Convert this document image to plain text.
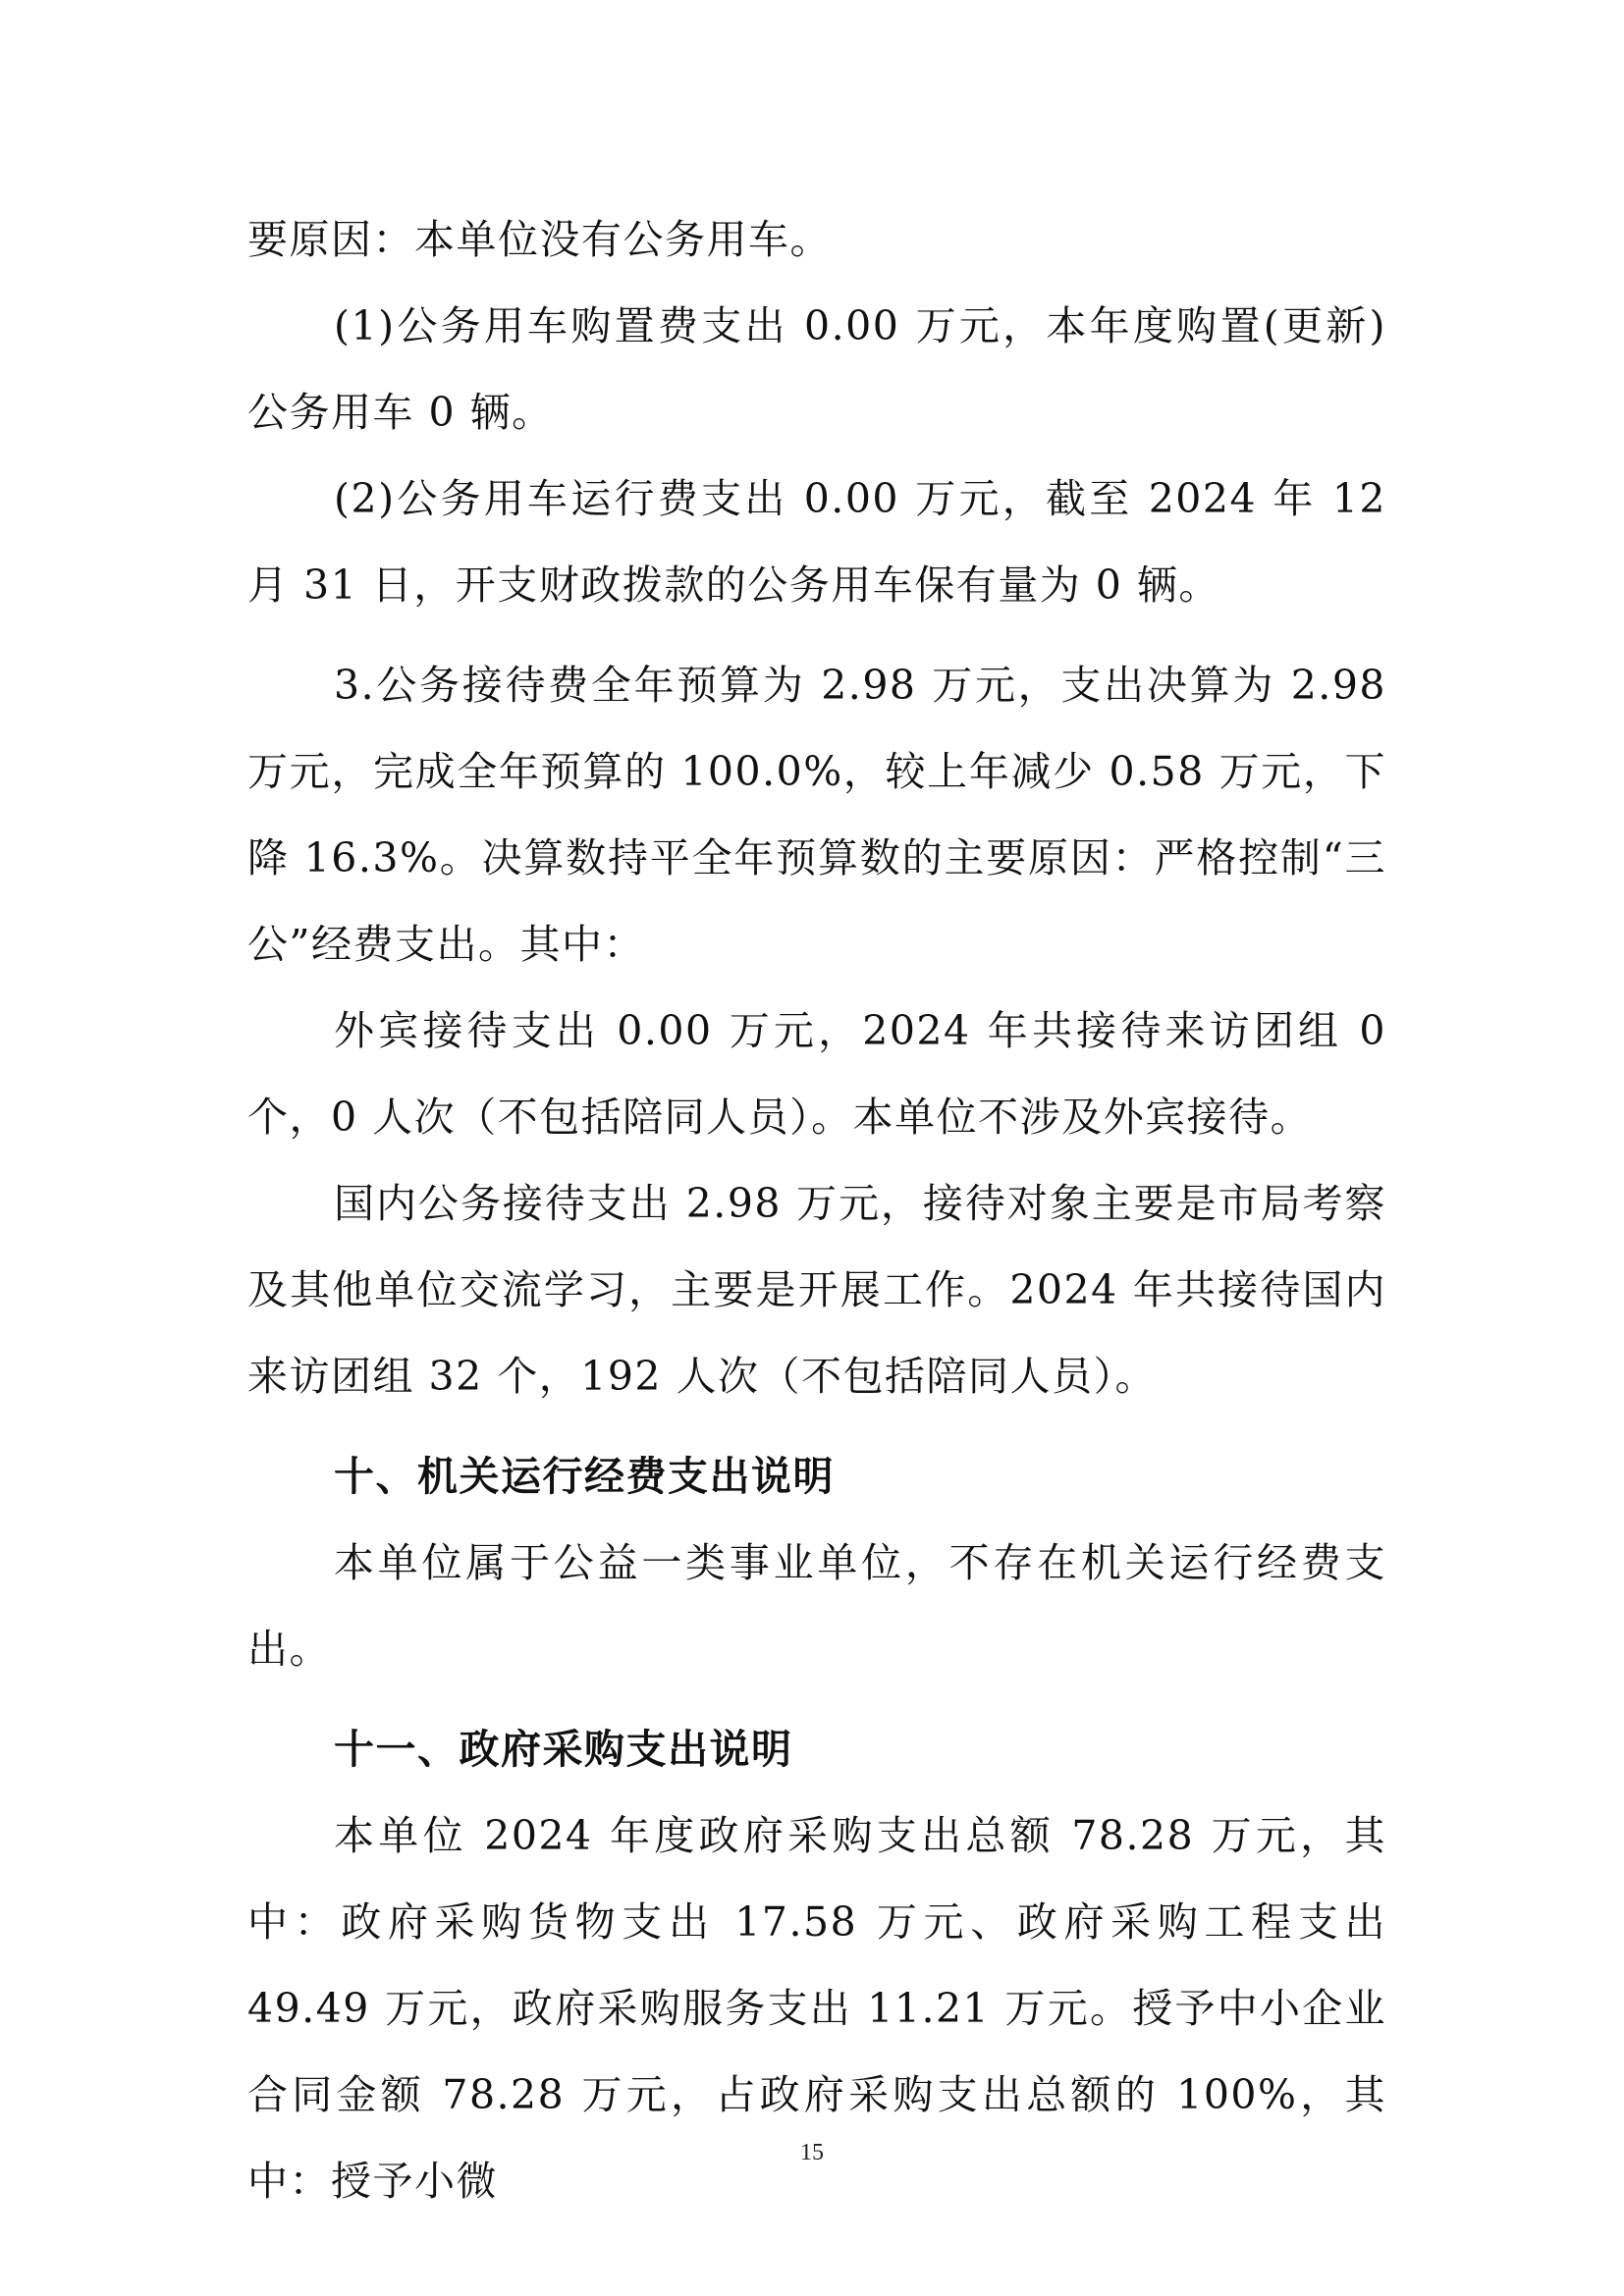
要原因：本单位没有公务用车。

(1)公务用车购置费支出 0.00 万元，本年度购置(更新)公务用车 0 辆。

(2)公务用车运行费支出 0.00 万元，截至 2024 年 12 月 31 日，开支财政拨款的公务用车保有量为 0 辆。

3.公务接待费全年预算为 2.98 万元，支出决算为 2.98 万元，完成全年预算的 100.0%，较上年减少 0.58 万元，下降 16.3%。决算数持平全年预算数的主要原因：严格控制“三公”经费支出。其中：

外宾接待支出 0.00 万元，2024 年共接待来访团组 0 个，0 人次（不包括陪同人员）。本单位不涉及外宾接待。

国内公务接待支出 2.98 万元，接待对象主要是市局考察及其他单位交流学习，主要是开展工作。2024 年共接待国内来访团组 32 个，192 人次（不包括陪同人员）。

十、机关运行经费支出说明

本单位属于公益一类事业单位，不存在机关运行经费支出。

十一、政府采购支出说明

本单位 2024 年度政府采购支出总额 78.28 万元，其中：政府采购货物支出 17.58 万元、政府采购工程支出 49.49 万元，政府采购服务支出 11.21 万元。授予中小企业合同金额 78.28 万元，占政府采购支出总额的 100%，其中：授予小微

15
